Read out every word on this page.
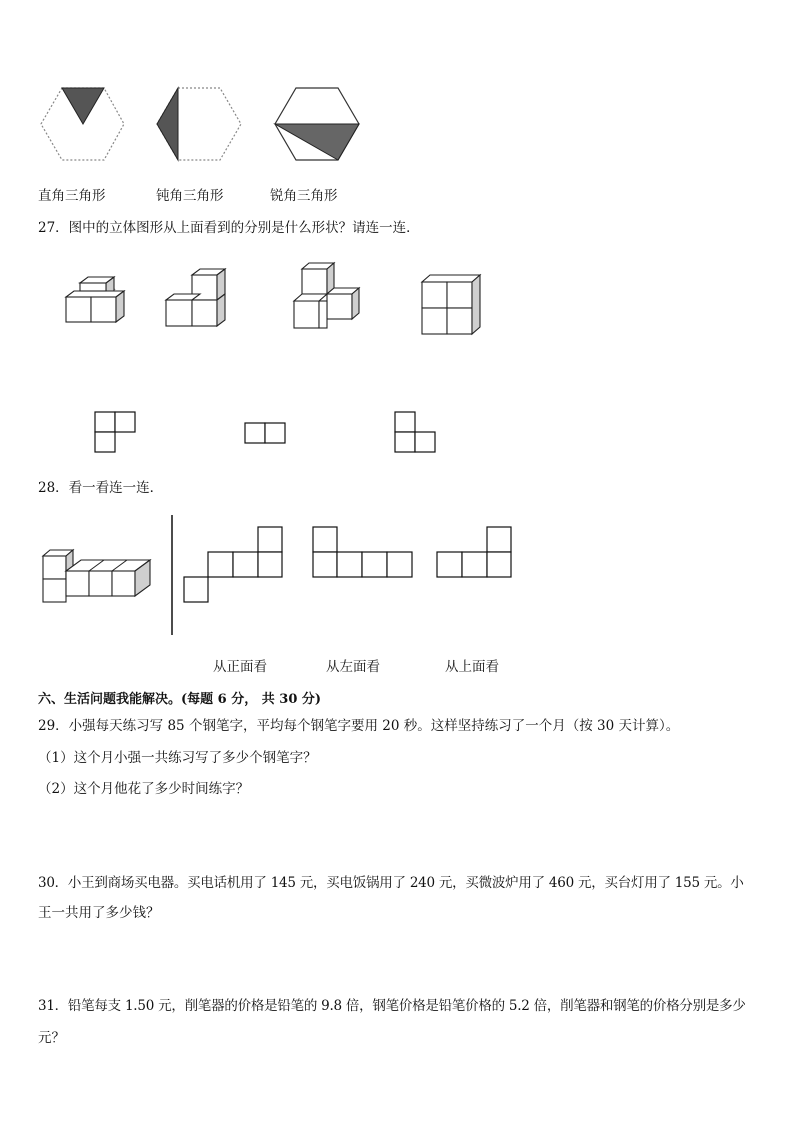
直角三角形	钝角三角形	锐角三角形
27．图中的立体图形从上面看到的分别是什么形状？请连一连．
28．看一看连一连．
从正面看	从左面看	从上面看
六、生活问题我能解决。(每题 6 分， 共 30 分)
29．小强每天练习写 85 个钢笔字，平均每个钢笔字要用 20 秒。这样坚持练习了一个月（按 30 天计算）。
（1）这个月小强一共练习写了多少个钢笔字？
（2）这个月他花了多少时间练字？
30．小王到商场买电器。买电话机用了 145 元，买电饭锅用了 240 元，买微波炉用了 460 元，买台灯用了 155 元。小
王一共用了多少钱？
31．铅笔每支 1.50 元，削笔器的价格是铅笔的 9.8 倍，钢笔价格是铅笔价格的 5.2 倍，削笔器和钢笔的价格分别是多少
元？
